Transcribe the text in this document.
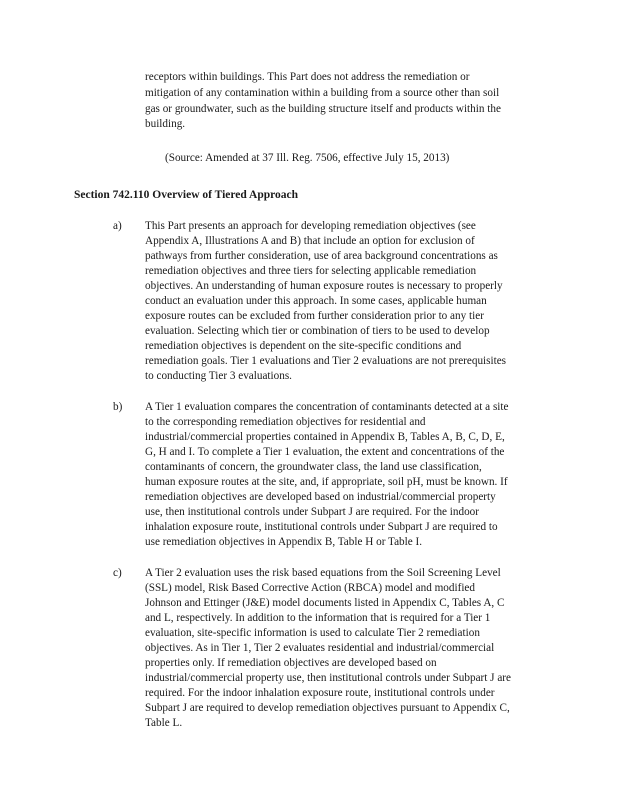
receptors within buildings. This Part does not address the remediation or
mitigation of any contamination within a building from a source other than soil
gas or groundwater, such as the building structure itself and products within the
building.
(Source: Amended at 37 Ill. Reg. 7506, effective July 15, 2013)
Section 742.110 Overview of Tiered Approach
a) This Part presents an approach for developing remediation objectives (see
Appendix A, Illustrations A and B) that include an option for exclusion of
pathways from further consideration, use of area background concentrations as
remediation objectives and three tiers for selecting applicable remediation
objectives. An understanding of human exposure routes is necessary to properly
conduct an evaluation under this approach. In some cases, applicable human
exposure routes can be excluded from further consideration prior to any tier
evaluation. Selecting which tier or combination of tiers to be used to develop
remediation objectives is dependent on the site-specific conditions and
remediation goals. Tier 1 evaluations and Tier 2 evaluations are not prerequisites
to conducting Tier 3 evaluations.
b) A Tier 1 evaluation compares the concentration of contaminants detected at a site
to the corresponding remediation objectives for residential and
industrial/commercial properties contained in Appendix B, Tables A, B, C, D, E,
G, H and I. To complete a Tier 1 evaluation, the extent and concentrations of the
contaminants of concern, the groundwater class, the land use classification,
human exposure routes at the site, and, if appropriate, soil pH, must be known. If
remediation objectives are developed based on industrial/commercial property
use, then institutional controls under Subpart J are required. For the indoor
inhalation exposure route, institutional controls under Subpart J are required to
use remediation objectives in Appendix B, Table H or Table I.
c) A Tier 2 evaluation uses the risk based equations from the Soil Screening Level
(SSL) model, Risk Based Corrective Action (RBCA) model and modified
Johnson and Ettinger (J&E) model documents listed in Appendix C, Tables A, C
and L, respectively. In addition to the information that is required for a Tier 1
evaluation, site-specific information is used to calculate Tier 2 remediation
objectives. As in Tier 1, Tier 2 evaluates residential and industrial/commercial
properties only. If remediation objectives are developed based on
industrial/commercial property use, then institutional controls under Subpart J are
required. For the indoor inhalation exposure route, institutional controls under
Subpart J are required to develop remediation objectives pursuant to Appendix C,
Table L.
